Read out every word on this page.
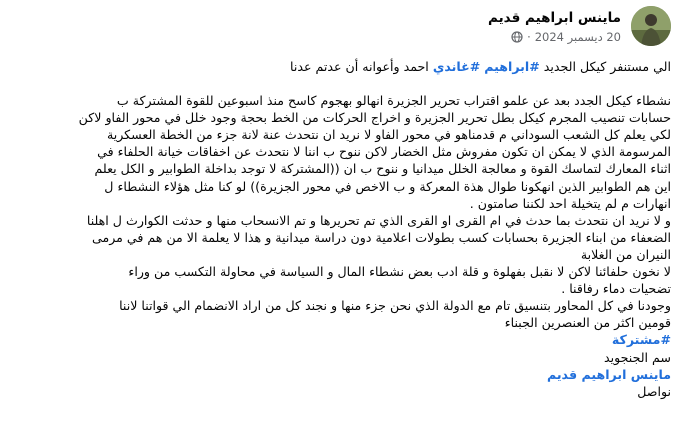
ماينس ابراهيم قديم
20 ديسمبر 2024
·

الي مستنفر كيكل الجديد #ابراهيم #غاندي احمد وأعوانه أن عدتم عدنا

نشطاء كيكل الجدد بعد عن علمو اقتراب تحرير الجزيرة انهالو بهجوم كاسح منذ اسبوعين للقوة المشتركة ب

حسابات تنصيب المجرم كيكل بطل تحرير الجزيرة و اخراج الحركات من الخط بحجة وجود خلل في محور الفاو لاكن

لكي يعلم كل الشعب السوداني م قدمناهو في محور الفاو لا نريد ان نتحدث عنة لانة جزء من الخطة العسكرية

المرسومة الذي لا يمكن ان تكون مفروش مثل الخضار لاكن ننوح ب اننا لا نتحدث عن اخفاقات خيانة الحلفاء في

اثناء المعارك لتماسك القوة و معالجة الخلل ميدانيا و ننوح ب ان ((المشتركة لا توجد بداخلة الطوابير و الكل يعلم

اين هم الطوابير الذين انهكونا طوال هذة المعركة و ب الاخص في محور الجزيرة)) لو كنا مثل هؤلاء النشطاء ل

انهارات م لم يتخيلة احد لكننا صامتون .

و لا نريد ان نتحدث بما حدث في ام القرى او القرى الذي تم تحريرها و تم الانسحاب منها و حدثت الكوارث ل اهلنا

الضعفاء من ابناء الجزيرة بحسابات كسب بطولات اعلامية دون دراسة ميدانية و هذا لا يعلمة الا من هم في مرمى

النيران من الغلابة

لا نخون حلفائنا لاكن لا نقبل بفهلوة و قلة ادب بعض نشطاء المال و السياسة في محاولة التكسب من وراء

تضحيات دماء رفاقنا .

وجودنا في كل المحاور بتنسيق تام مع الدولة الذي نحن جزء منها و نجند كل من اراد الانضمام الي قواتنا لاننا

قومين اكثر من العنصرين الجبناء

#مشتركة

سم الجنجويد

ماينس ابراهيم قديم

نواصل
